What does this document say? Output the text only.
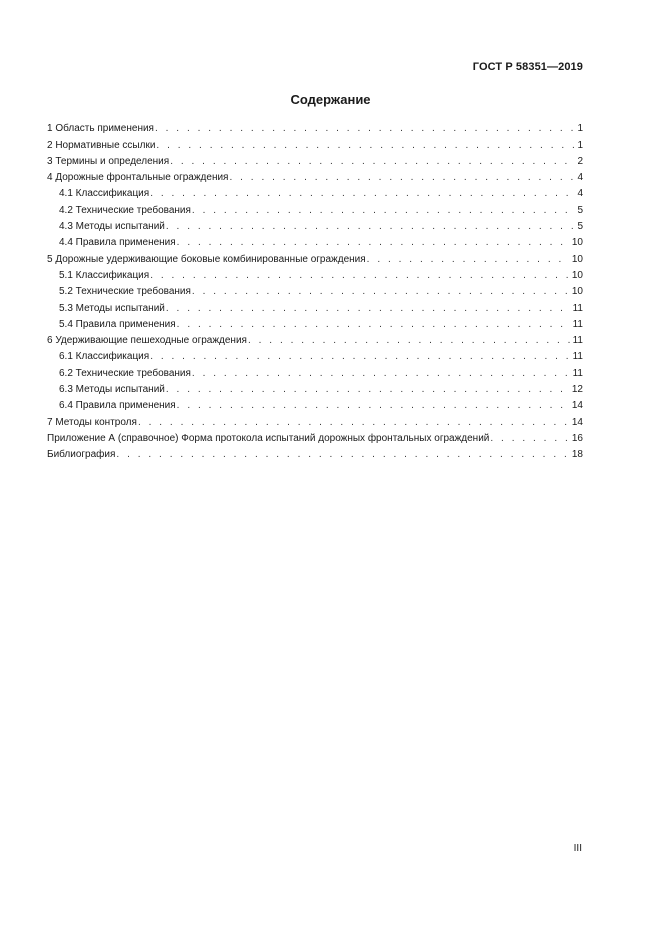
ГОСТ Р 58351—2019
Содержание
1 Область применения . . .	1
2 Нормативные ссылки . . .	1
3 Термины и определения . . .	2
4 Дорожные фронтальные ограждения . . .	4
4.1 Классификация . . .	4
4.2 Технические требования . . .	5
4.3 Методы испытаний . . .	5
4.4 Правила применения . . .	10
5 Дорожные удерживающие боковые комбинированные ограждения . . .	10
5.1 Классификация . . .	10
5.2 Технические требования . . .	10
5.3 Методы испытаний . . .	11
5.4 Правила применения . . .	11
6 Удерживающие пешеходные ограждения . . .	11
6.1 Классификация . . .	11
6.2 Технические требования . . .	11
6.3 Методы испытаний . . .	12
6.4 Правила применения . . .	14
7 Методы контроля . . .	14
Приложение А (справочное) Форма протокола испытаний дорожных фронтальных ограждений . . .	16
Библиография . . .	18
III
